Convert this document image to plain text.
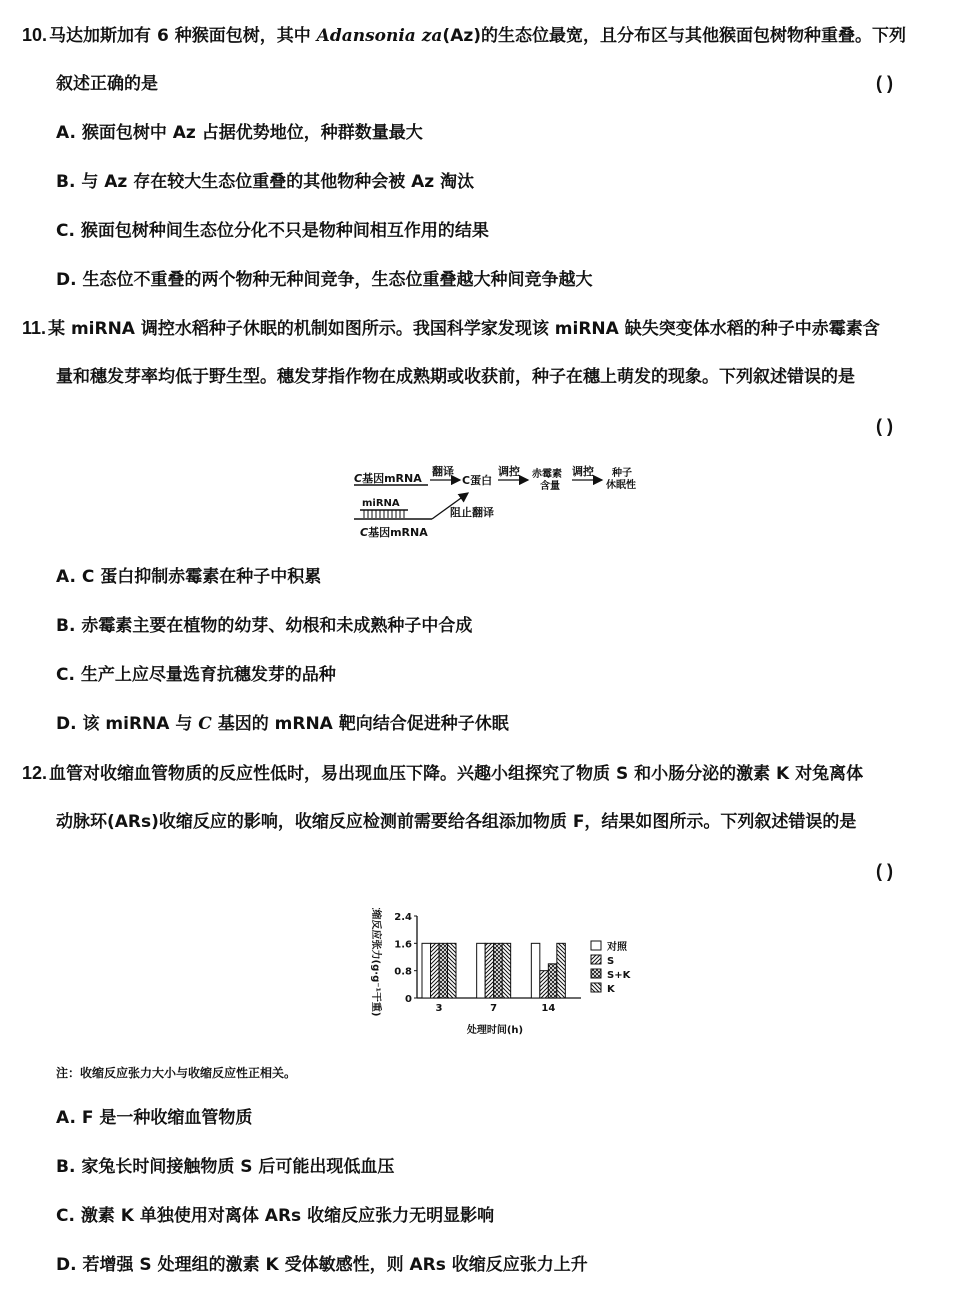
10. 马达加斯加有 6 种猴面包树，其中 Adansonia za(Az)的生态位最宽，且分布区与其他猴面包树物种重叠。下列
叙述正确的是	( )
A. 猴面包树中 Az 占据优势地位，种群数量最大
B. 与 Az 存在较大生态位重叠的其他物种会被 Az 淘汰
C. 猴面包树种间生态位分化不只是物种间相互作用的结果
D. 生态位不重叠的两个物种无种间竞争，生态位重叠越大种间竞争越大
11. 某 miRNA 调控水稻种子休眠的机制如图所示。我国科学家发现该 miRNA 缺失突变体水稻的种子中赤霉素含
量和穗发芽率均低于野生型。穗发芽指作物在成熟期或收获前，种子在穗上萌发的现象。下列叙述错误的是
( )
C基因mRNA
翻译
C蛋白
调控 赤霉素
含量
调控 种子
休眠性
miRNA
阻止翻译
C基因mRNA
A. C 蛋白抑制赤霉素在种子中积累
B. 赤霉素主要在植物的幼芽、幼根和未成熟种子中合成
C. 生产上应尽量选育抗穗发芽的品种
D. 该 miRNA 与 C 基因的 mRNA 靶向结合促进种子休眠
12. 血管对收缩血管物质的反应性低时，易出现血压下降。兴趣小组探究了物质 S 和小肠分泌的激素 K 对兔离体
动脉环(ARs)收缩反应的影响，收缩反应检测前需要给各组添加物质 F，结果如图所示。下列叙述错误的是
( )
收缩反应张力(g·g⁻¹干重) 0
0.8
1.6
2.4
3	7	14
对照
S
S+K
K
处理时间(h)
注：收缩反应张力大小与收缩反应性正相关。
A. F 是一种收缩血管物质
B. 家兔长时间接触物质 S 后可能出现低血压
C. 激素 K 单独使用对离体 ARs 收缩反应张力无明显影响
D. 若增强 S 处理组的激素 K 受体敏感性，则 ARs 收缩反应张力上升
